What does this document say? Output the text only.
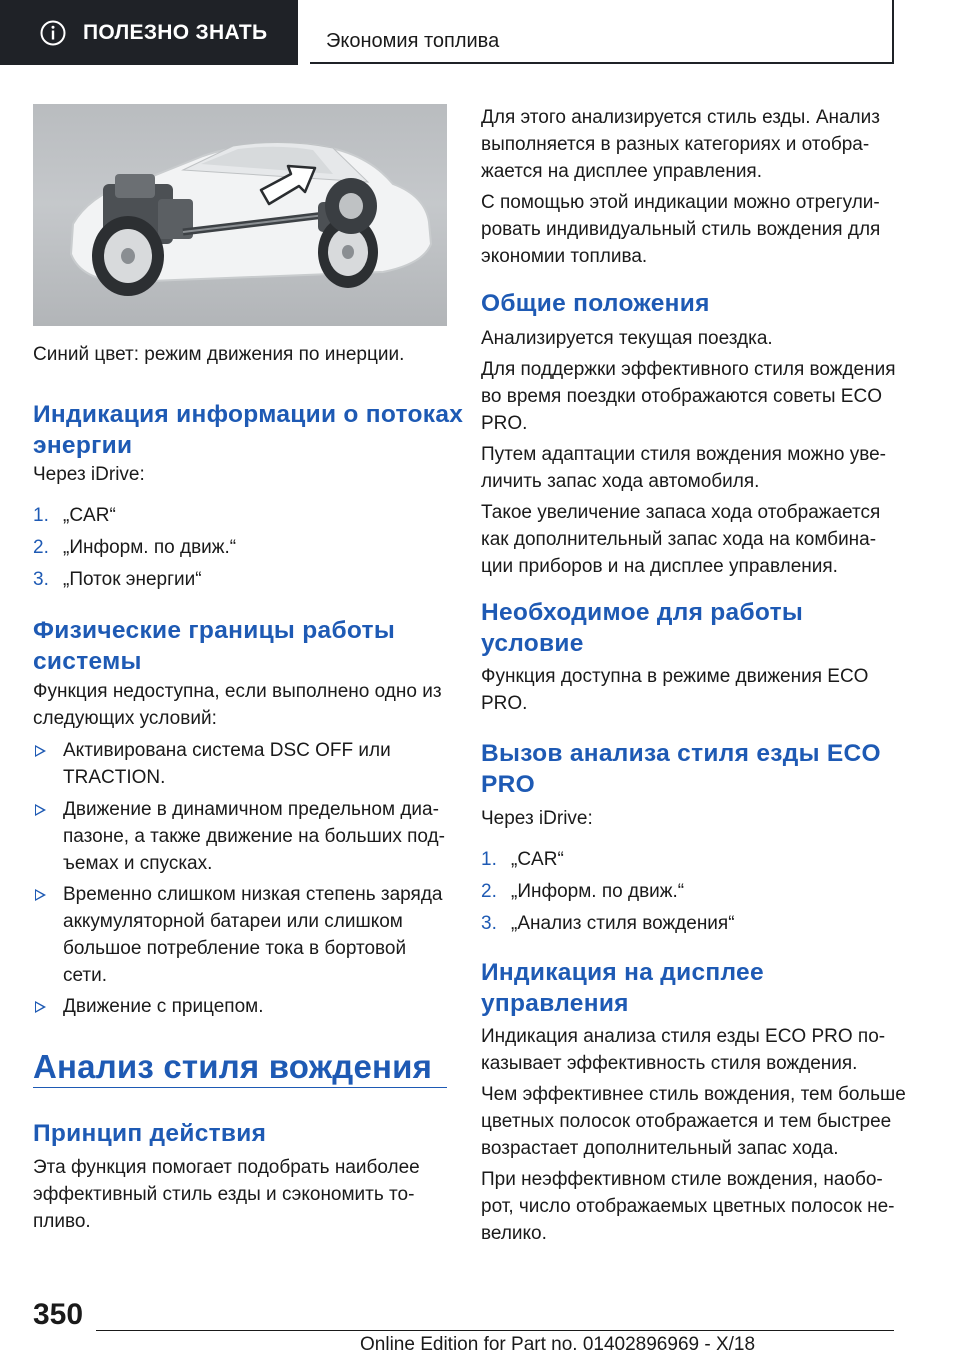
ПОЛЕЗНО ЗНАТЬ	Экономия топлива

Синий цвет: режим движения по инерции.

Индикация информации о потоках
энергии

Через iDrive:

1. „CAR“
2. „Информ. по движ.“
3. „Поток энергии“
Физические границы работы
системы

Функция недоступна, если выполнено одно из

следующих условий:

Активирована система DSC OFF или

TRACTION.

Движение в динамичном предельном диа-

пазоне, а также движение на больших под-

ъемах и спусках.

Временно слишком низкая степень заряда

аккумуляторной батареи или слишком

большое потребление тока в бортовой

сети.

Движение с прицепом.

Анализ стиля вождения
Принцип действия

Эта функция помогает подобрать наиболее

эффективный стиль езды и сэкономить то-

пливо.

Для этого анализируется стиль езды. Анализ

выполняется в разных категориях и отобра-

жается на дисплее управления.

С помощью этой индикации можно отрегули-

ровать индивидуальный стиль вождения для

экономии топлива.

Общие положения

Анализируется текущая поездка.

Для поддержки эффективного стиля вождения

во время поездки отображаются советы ECO

PRO.

Путем адаптации стиля вождения можно уве-

личить запас хода автомобиля.

Такое увеличение запаса хода отображается

как дополнительный запас хода на комбина-

ции приборов и на дисплее управления.

Необходимое для работы
условие

Функция доступна в режиме движения ECO

PRO.

Вызов анализа стиля езды ECO
PRO

Через iDrive:

1. „CAR“
2. „Информ. по движ.“
3. „Анализ стиля вождения“
Индикация на дисплее
управления

Индикация анализа стиля езды ECO PRO по-

казывает эффективность стиля вождения.

Чем эффективнее стиль вождения, тем больше

цветных полосок отображается и тем быстрее

возрастает дополнительный запас хода.

При неэффективном стиле вождения, наобо-

рот, число отображаемых цветных полосок не-

велико.

350
Online Edition for Part no. 01402896969 - X/18
